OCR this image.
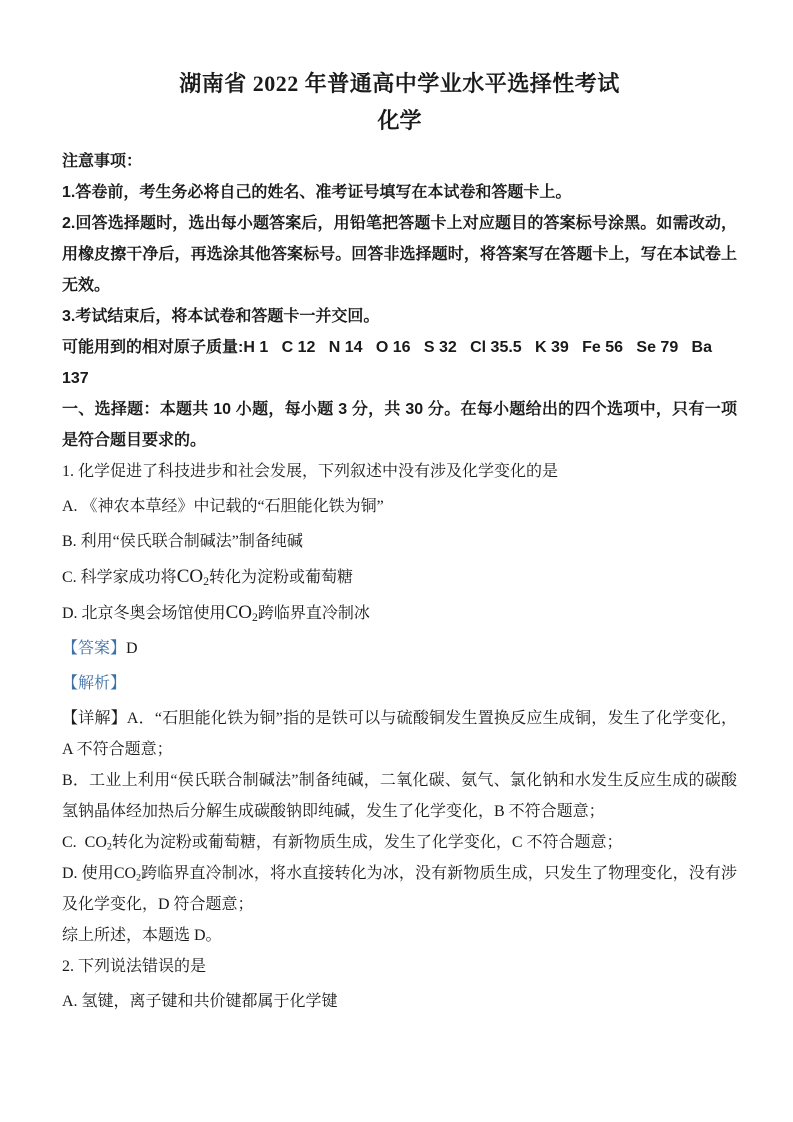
湖南省 2022 年普通高中学业水平选择性考试
化学

注意事项：

1.答卷前，考生务必将自己的姓名、准考证号填写在本试卷和答题卡上。

2.回答选择题时，选出每小题答案后，用铅笔把答题卡上对应题目的答案标号涂黑。如需改动，用橡皮擦干净后，再选涂其他答案标号。回答非选择题时，将答案写在答题卡上，写在本试卷上无效。

3.考试结束后，将本试卷和答题卡一并交回。

可能用到的相对原子质量:H 1   C 12   N 14   O 16   S 32   Cl 35.5   K 39   Fe 56   Se 79   Ba

137

一、选择题：本题共 10 小题，每小题 3 分，共 30 分。在每小题给出的四个选项中，只有一项是符合题目要求的。

1. 化学促进了科技进步和社会发展，下列叙述中没有涉及化学变化的是

A. 《神农本草经》中记载的“石胆能化铁为铜”

B. 利用“侯氏联合制碱法”制备纯碱

C. 科学家成功将$CO_2$转化为淀粉或葡萄糖

D. 北京冬奥会场馆使用$CO_2$跨临界直冷制冰

【答案】D

【解析】

【详解】A．“石胆能化铁为铜”指的是铁可以与硫酸铜发生置换反应生成铜，发生了化学变化，A 不符合题意；

B．工业上利用“侯氏联合制碱法”制备纯碱，二氧化碳、氨气、氯化钠和水发生反应生成的碳酸氢钠晶体经加热后分解生成碳酸钠即纯碱，发生了化学变化，B 不符合题意；

C.  $CO_2$转化为淀粉或葡萄糖，有新物质生成，发生了化学变化，C 不符合题意；

D. 使用$CO_2$跨临界直冷制冰，将水直接转化为冰，没有新物质生成，只发生了物理变化，没有涉及化学变化，D 符合题意；

综上所述，本题选 D。

2. 下列说法错误的是

A. 氢键，离子键和共价键都属于化学键
